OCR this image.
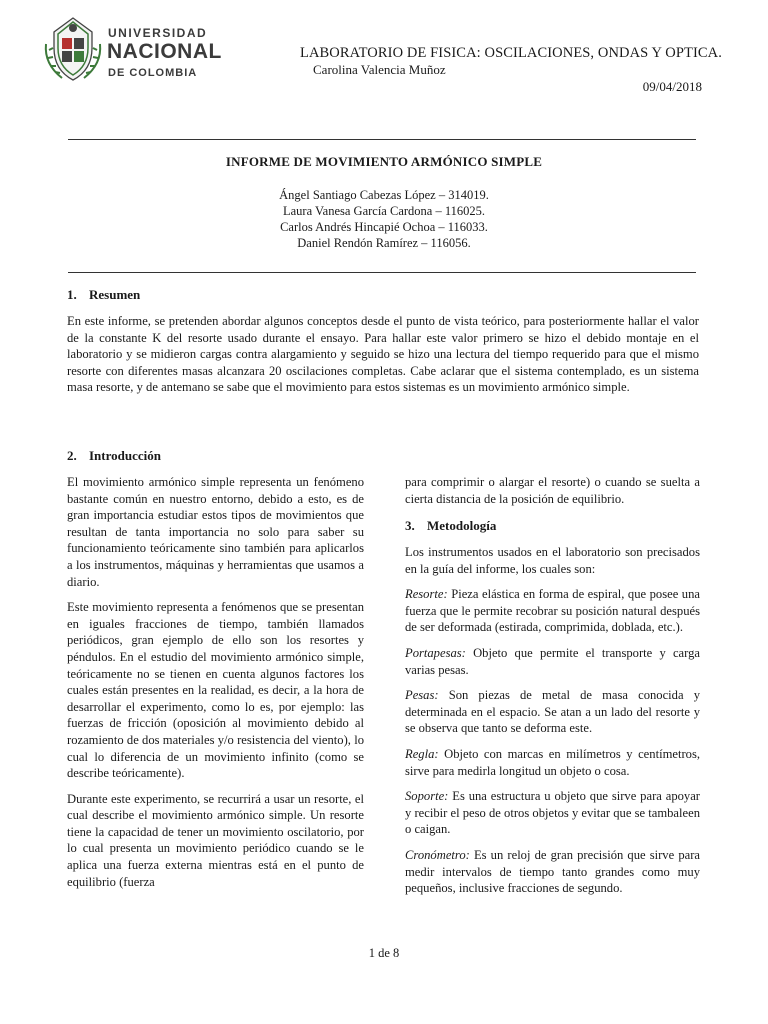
UNIVERSIDAD
NACIONAL
DE COLOMBIA
LABORATORIO DE FISICA: OSCILACIONES, ONDAS Y OPTICA.
Carolina Valencia Muñoz
09/04/2018
INFORME DE MOVIMIENTO ARMÓNICO SIMPLE
Ángel Santiago Cabezas López – 314019.
Laura Vanesa García Cardona – 116025.
Carlos Andrés Hincapié Ochoa – 116033.
Daniel Rendón Ramírez – 116056.
1. Resumen

En este informe, se pretenden abordar algunos conceptos desde el punto de vista teórico, para posteriormente hallar el valor de la constante K del resorte usado durante el ensayo. Para hallar este valor primero se hizo el debido montaje en el laboratorio y se midieron cargas contra alargamiento y seguido se hizo una lectura del tiempo requerido para que el mismo resorte con diferentes masas alcanzara 20 oscilaciones completas. Cabe aclarar que el sistema contemplado, es un sistema masa resorte, y de antemano se sabe que el movimiento para estos sistemas es un movimiento armónico simple.

2. Introducción

El movimiento armónico simple representa un fenómeno bastante común en nuestro entorno, debido a esto, es de gran importancia estudiar estos tipos de movimientos que resultan de tanta importancia no solo para saber su funcionamiento teóricamente sino también para aplicarlos a los instrumentos, máquinas y herramientas que usamos a diario.

Este movimiento representa a fenómenos que se presentan en iguales fracciones de tiempo, también llamados periódicos, gran ejemplo de ello son los resortes y péndulos. En el estudio del movimiento armónico simple, teóricamente no se tienen en cuenta algunos factores los cuales están presentes en la realidad, es decir, a la hora de desarrollar el experimento, como lo es, por ejemplo: las fuerzas de fricción (oposición al movimiento debido al rozamiento de dos materiales y/o resistencia del viento), lo cual lo diferencia de un movimiento infinito (como se describe teóricamente).

Durante este experimento, se recurrirá a usar un resorte, el cual describe el movimiento armónico simple. Un resorte tiene la capacidad de tener un movimiento oscilatorio, por lo cual presenta un movimiento periódico cuando se le aplica una fuerza externa mientras está en el punto de equilibrio (fuerza

para comprimir o alargar el resorte) o cuando se suelta a cierta distancia de la posición de equilibrio.

3. Metodología

Los instrumentos usados en el laboratorio son precisados en la guía del informe, los cuales son:

Resorte: Pieza elástica en forma de espiral, que posee una fuerza que le permite recobrar su posición natural después de ser deformada (estirada, comprimida, doblada, etc.).

Portapesas: Objeto que permite el transporte y carga varias pesas.

Pesas: Son piezas de metal de masa conocida y determinada en el espacio. Se atan a un lado del resorte y se observa que tanto se deforma este.

Regla: Objeto con marcas en milímetros y centímetros, sirve para medirla longitud un objeto o cosa.

Soporte: Es una estructura u objeto que sirve para apoyar y recibir el peso de otros objetos y evitar que se tambaleen o caigan.

Cronómetro: Es un reloj de gran precisión que sirve para medir intervalos de tiempo tanto grandes como muy pequeños, inclusive fracciones de segundo.

1 de 8
